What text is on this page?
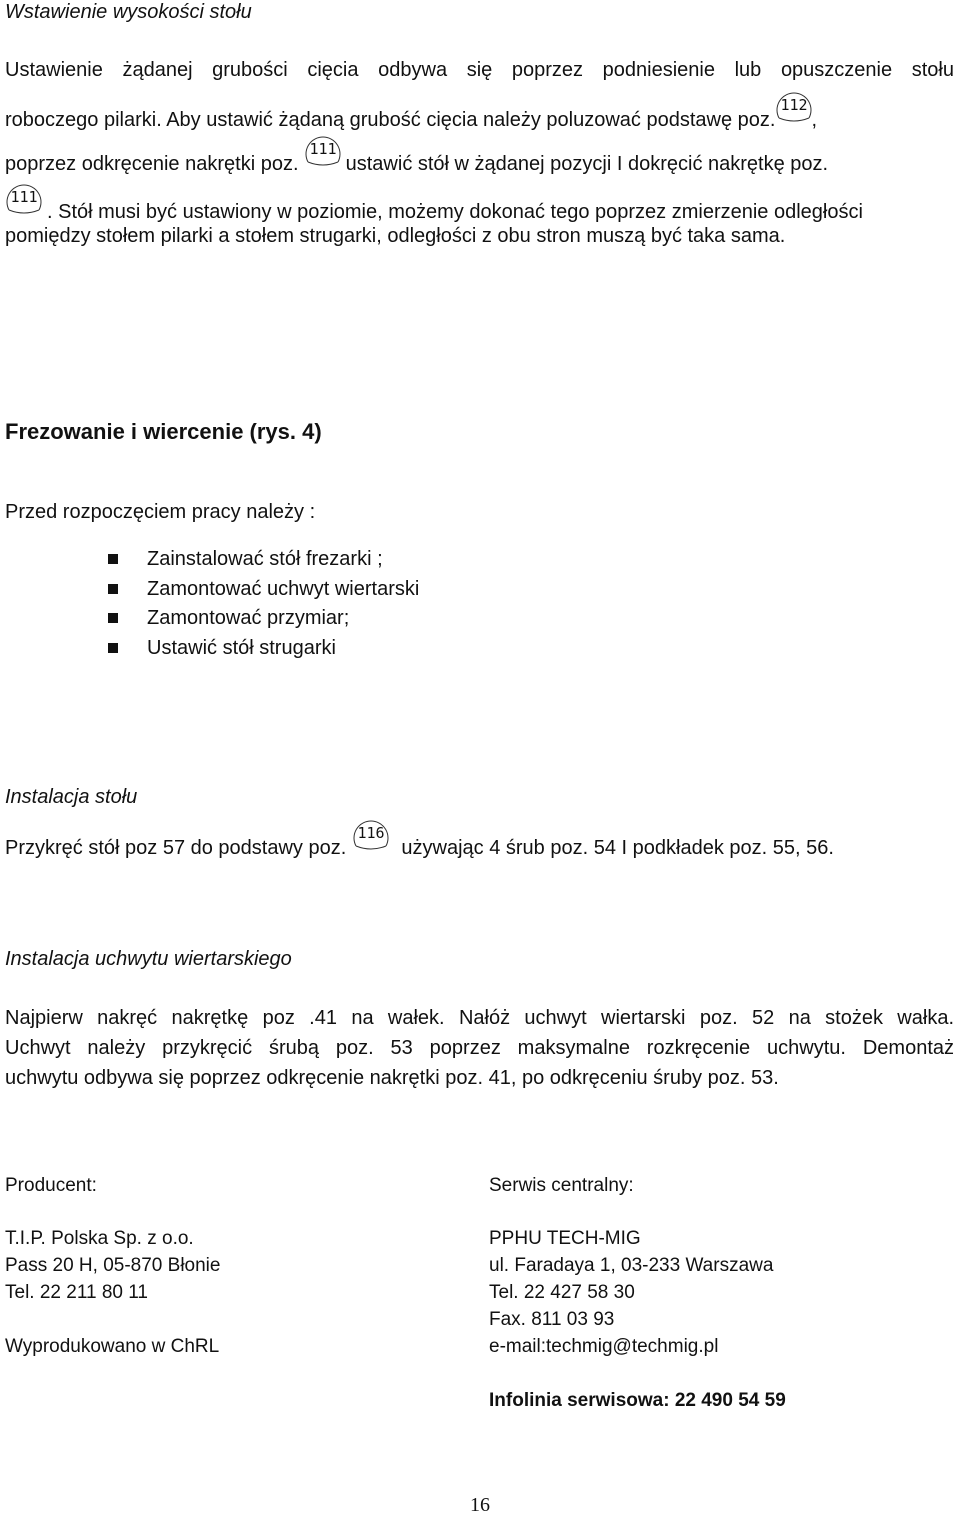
Wstawienie wysokości stołu
Ustawienie żądanej grubości cięcia odbywa się poprzez podniesienie lub opuszczenie stołu
roboczego pilarki. Aby ustawić żądaną grubość cięcia należy poluzować podstawę poz.
112
,
poprzez odkręcenie nakrętki poz.
111
ustawić stół w żądanej pozycji I dokręcić nakrętkę poz.
111
. Stół musi być ustawiony w poziomie, możemy dokonać tego poprzez zmierzenie odległości
pomiędzy stołem pilarki a stołem strugarki, odległości z obu stron muszą być taka sama.
Frezowanie i wiercenie (rys. 4)
Przed rozpoczęciem pracy należy :
Zainstalować stół frezarki ;
Zamontować uchwyt wiertarski
Zamontować przymiar;
Ustawić stół strugarki
Instalacja stołu
Przykręć stół poz 57 do podstawy poz.
116
używając 4 śrub poz. 54 I podkładek poz. 55, 56.
Instalacja uchwytu wiertarskiego
Najpierw nakręć nakrętkę poz .41 na wałek. Nałóż uchwyt wiertarski poz. 52 na stożek wałka.
Uchwyt należy przykręcić śrubą poz. 53 poprzez maksymalne rozkręcenie uchwytu. Demontaż
uchwytu odbywa się poprzez odkręcenie nakrętki poz. 41, po odkręceniu śruby poz. 53.
Producent:
T.I.P. Polska Sp. z o.o.
Pass 20 H, 05-870 Błonie
Tel. 22 211 80 11
Wyprodukowano w ChRL
Serwis centralny:
PPHU TECH-MIG
ul. Faradaya 1, 03-233 Warszawa
Tel. 22 427 58 30
Fax. 811 03 93
e-mail:techmig@techmig.pl
Infolinia serwisowa: 22 490 54 59
16
